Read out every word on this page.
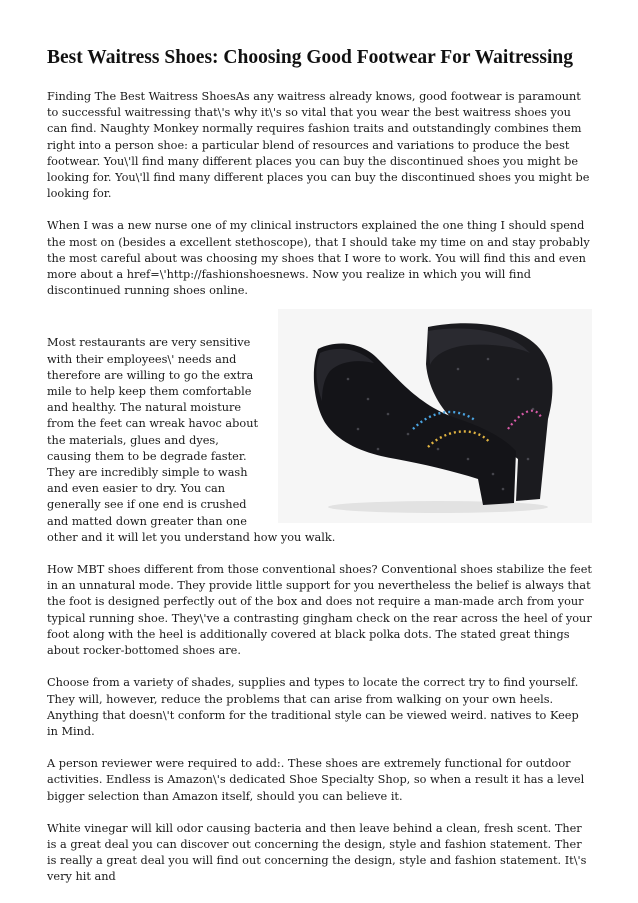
Best Waitress Shoes: Choosing Good Footwear For Waitressing

Finding The Best Waitress ShoesAs any waitress already knows, good footwear is paramount to successful waitressing that\'s why it\'s so vital that you wear the best waitress shoes you can find. Naughty Monkey normally requires fashion traits and outstandingly combines them right into a person shoe: a particular blend of resources and variations to produce the best footwear. You\'ll find many different places you can buy the discontinued shoes you might be looking for. You\'ll find many different places you can buy the discontinued shoes you might be looking for.

When I was a new nurse one of my clinical instructors explained the one thing I should spend the most on (besides a excellent stethoscope), that I should take my time on and stay probably the most careful about was choosing my shoes that I wore to work. You will find this and even more about a href=\'http://fashionshoesnews. Now you realize in which you will find discontinued running shoes online.

Most restaurants are very sensitive with their employees\' needs and therefore are willing to go the extra mile to help keep them comfortable and healthy. The natural moisture from the feet can wreak havoc about the materials, glues and dyes, causing them to be degrade faster. They are incredibly simple to wash and even easier to dry. You can generally see if one end is crushed and matted down greater than one other and it will let you understand how you walk.

How MBT shoes different from those conventional shoes? Conventional shoes stabilize the feet in an unnatural mode. They provide little support for you nevertheless the belief is always that the foot is designed perfectly out of the box and does not require a man-made arch from your typical running shoe. They\'ve a contrasting gingham check on the rear across the heel of your foot along with the heel is additionally covered at black polka dots. The stated great things about rocker-bottomed shoes are.

Choose from a variety of shades, supplies and types to locate the correct try to find yourself. They will, however, reduce the problems that can arise from walking on your own heels. Anything that doesn\'t conform for the traditional style can be viewed weird. natives to Keep in Mind.

A person reviewer were required to add:. These shoes are extremely functional for outdoor activities. Endless is Amazon\'s dedicated Shoe Specialty Shop, so when a result it has a level bigger selection than Amazon itself, should you can believe it.

White vinegar will kill odor causing bacteria and then leave behind a clean, fresh scent. Ther is a great deal you can discover out concerning the design, style and fashion statement. Ther is really a great deal you will find out concerning the design, style and fashion statement. It\'s very hit and
